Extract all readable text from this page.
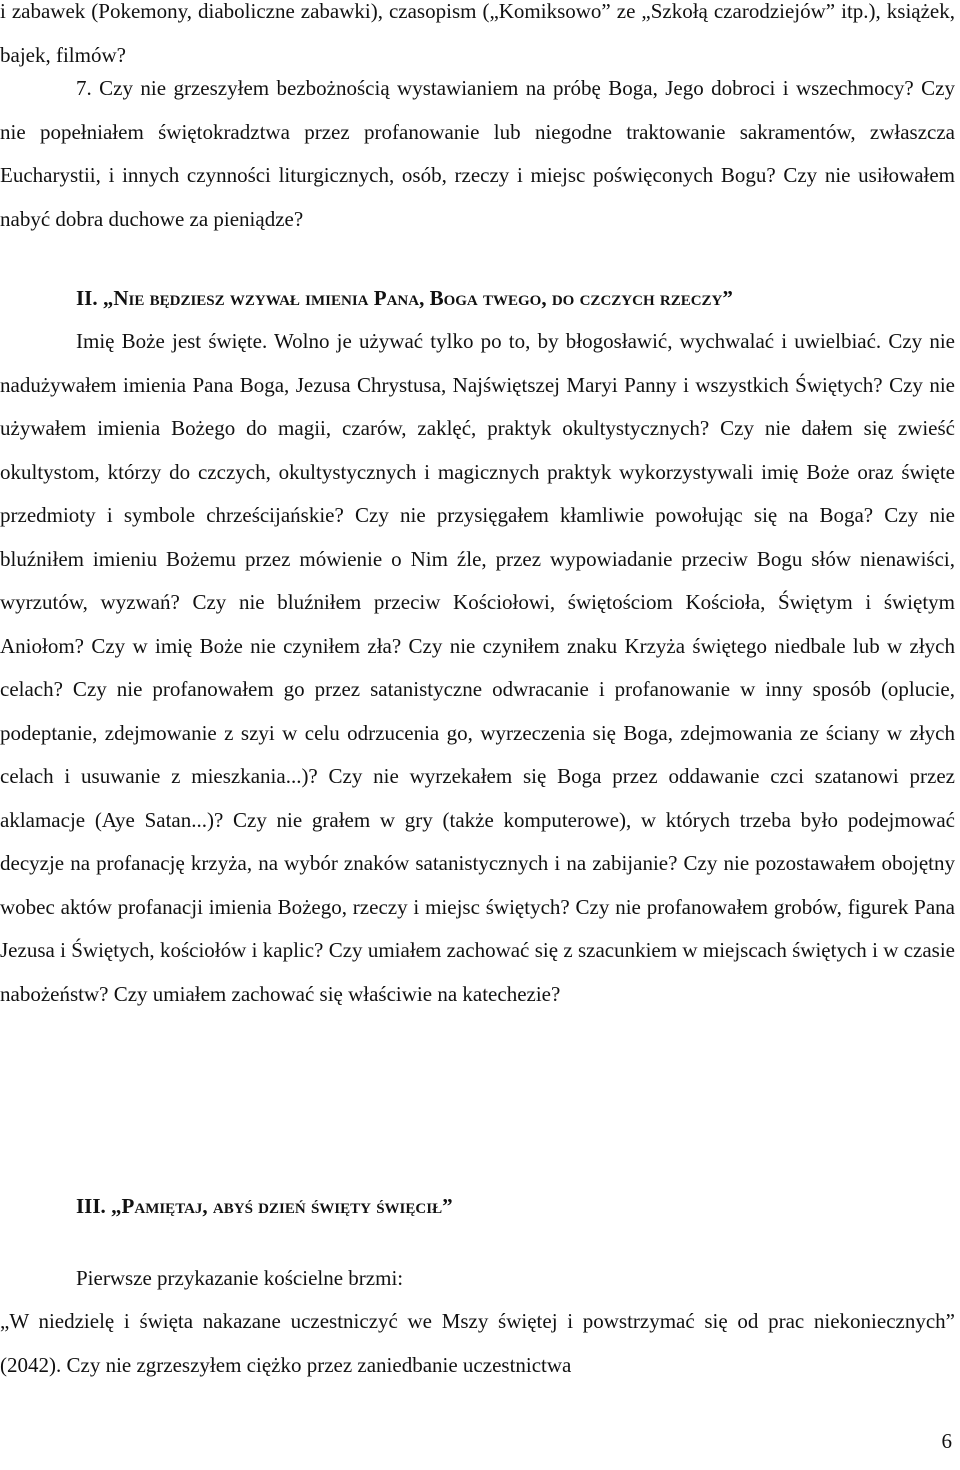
i zabawek (Pokemony, diaboliczne zabawki), czasopism („Komiksowo” ze „Szkołą czarodziejów” itp.), książek, bajek, filmów?

7. Czy nie grzeszyłem bezbożnością wystawianiem na próbę Boga, Jego dobroci i wszechmocy? Czy nie popełniałem świętokradztwa przez profanowanie lub niegodne traktowanie sakramentów, zwłaszcza Eucharystii, i innych czynności liturgicznych, osób, rzeczy i miejsc poświęconych Bogu? Czy nie usiłowałem nabyć dobra duchowe za pieniądze?

II. „Nie będziesz wzywał imienia Pana, Boga twego, do czczych rzeczy”

Imię Boże jest święte. Wolno je używać tylko po to, by błogosławić, wychwalać i uwielbiać. Czy nie nadużywałem imienia Pana Boga, Jezusa Chrystusa, Najświętszej Maryi Panny i wszystkich Świętych? Czy nie używałem imienia Bożego do magii, czarów, zaklęć, praktyk okultystycznych? Czy nie dałem się zwieść okultystom, którzy do czczych, okultystycznych i magicznych praktyk wykorzystywali imię Boże oraz święte przedmioty i symbole chrześcijańskie? Czy nie przysięgałem kłamliwie powołując się na Boga? Czy nie bluźniłem imieniu Bożemu przez mówienie o Nim źle, przez wypowiadanie przeciw Bogu słów nienawiści, wyrzutów, wyzwań? Czy nie bluźniłem przeciw Kościołowi, świętościom Kościoła, Świętym i świętym Aniołom? Czy w imię Boże nie czyniłem zła? Czy nie czyniłem znaku Krzyża świętego niedbale lub w złych celach? Czy nie profanowałem go przez satanistyczne odwracanie i profanowanie w inny sposób (oplucie, podeptanie, zdejmowanie z szyi w celu odrzucenia go, wyrzeczenia się Boga, zdejmowania ze ściany w złych celach i usuwanie z mieszkania...)? Czy nie wyrzekałem się Boga przez oddawanie czci szatanowi przez aklamacje (Aye Satan...)? Czy nie grałem w gry (także komputerowe), w których trzeba było podejmować decyzje na profanację krzyża, na wybór znaków satanistycznych i na zabijanie? Czy nie pozostawałem obojętny wobec aktów profanacji imienia Bożego, rzeczy i miejsc świętych? Czy nie profanowałem grobów, figurek Pana Jezusa i Świętych, kościołów i kaplic? Czy umiałem zachować się z szacunkiem w miejscach świętych i w czasie nabożeństw? Czy umiałem zachować się właściwie na katechezie?

III. „Pamiętaj, abyś dzień święty święcił”
Pierwsze przykazanie kościelne brzmi:

„W niedzielę i święta nakazane uczestniczyć we Mszy świętej i powstrzymać się od prac niekoniecznych” (2042). Czy nie zgrzeszyłem ciężko przez zaniedbanie uczestnictwa

6
